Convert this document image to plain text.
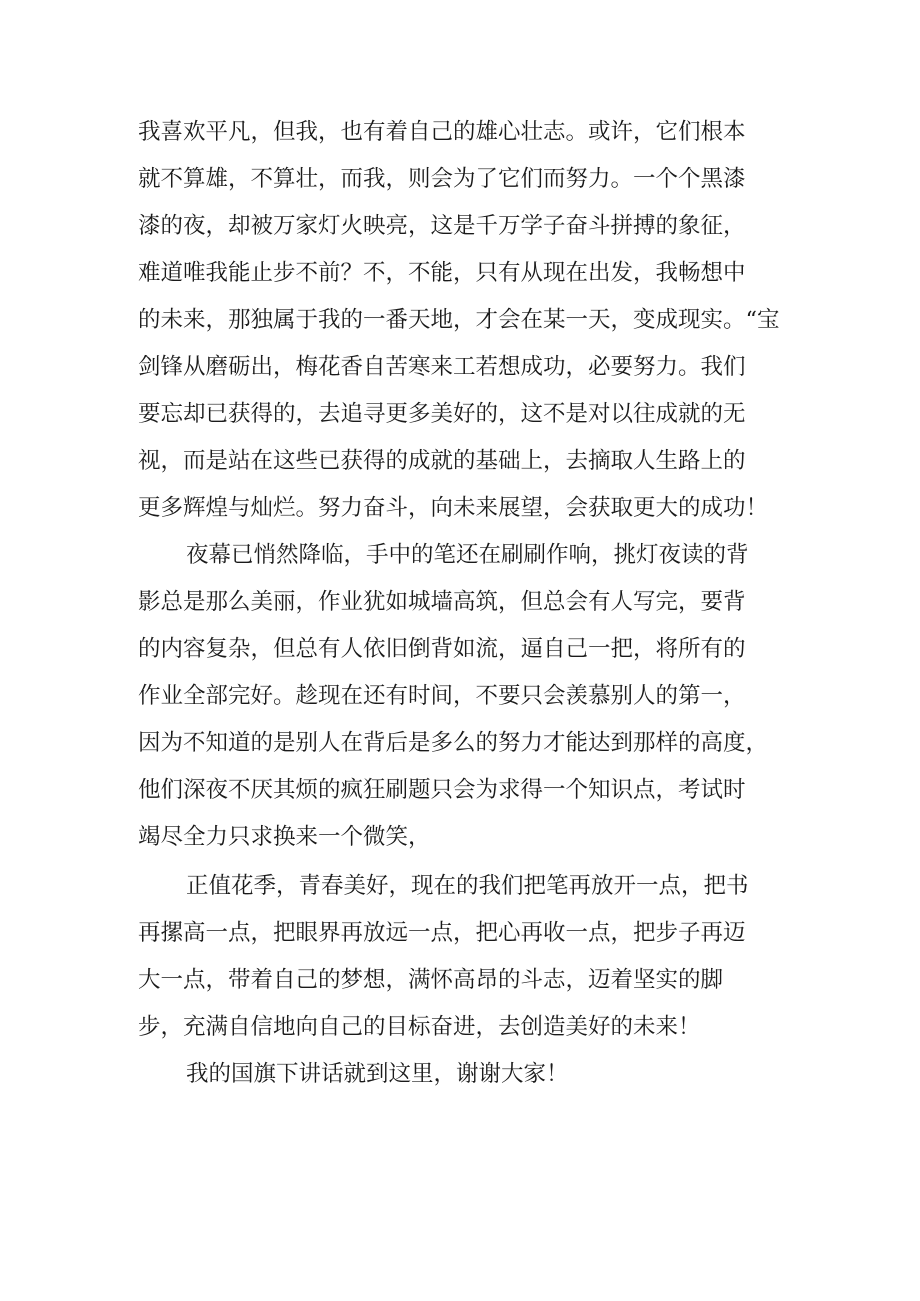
我喜欢平凡，但我，也有着自己的雄心壮志。或许，它们根本

就不算雄，不算壮，而我，则会为了它们而努力。一个个黑漆

漆的夜，却被万家灯火映亮，这是千万学子奋斗拼搏的象征，

难道唯我能止步不前？不，不能，只有从现在出发，我畅想中

的未来，那独属于我的一番天地，才会在某一天，变成现实。“宝

剑锋从磨砺出，梅花香自苦寒来工若想成功，必要努力。我们

要忘却已获得的，去追寻更多美好的，这不是对以往成就的无

视，而是站在这些已获得的成就的基础上，去摘取人生路上的

更多辉煌与灿烂。努力奋斗，向未来展望，会获取更大的成功！

夜幕已悄然降临，手中的笔还在刷刷作响，挑灯夜读的背

影总是那么美丽，作业犹如城墙高筑，但总会有人写完，要背

的内容复杂，但总有人依旧倒背如流，逼自己一把，将所有的

作业全部完好。趁现在还有时间，不要只会羡慕别人的第一，

因为不知道的是别人在背后是多么的努力才能达到那样的高度，

他们深夜不厌其烦的疯狂刷题只会为求得一个知识点，考试时

竭尽全力只求换来一个微笑，

正值花季，青春美好，现在的我们把笔再放开一点，把书

再摞高一点，把眼界再放远一点，把心再收一点，把步子再迈

大一点，带着自己的梦想，满怀高昂的斗志，迈着坚实的脚

步，充满自信地向自己的目标奋进，去创造美好的未来！

我的国旗下讲话就到这里，谢谢大家！
